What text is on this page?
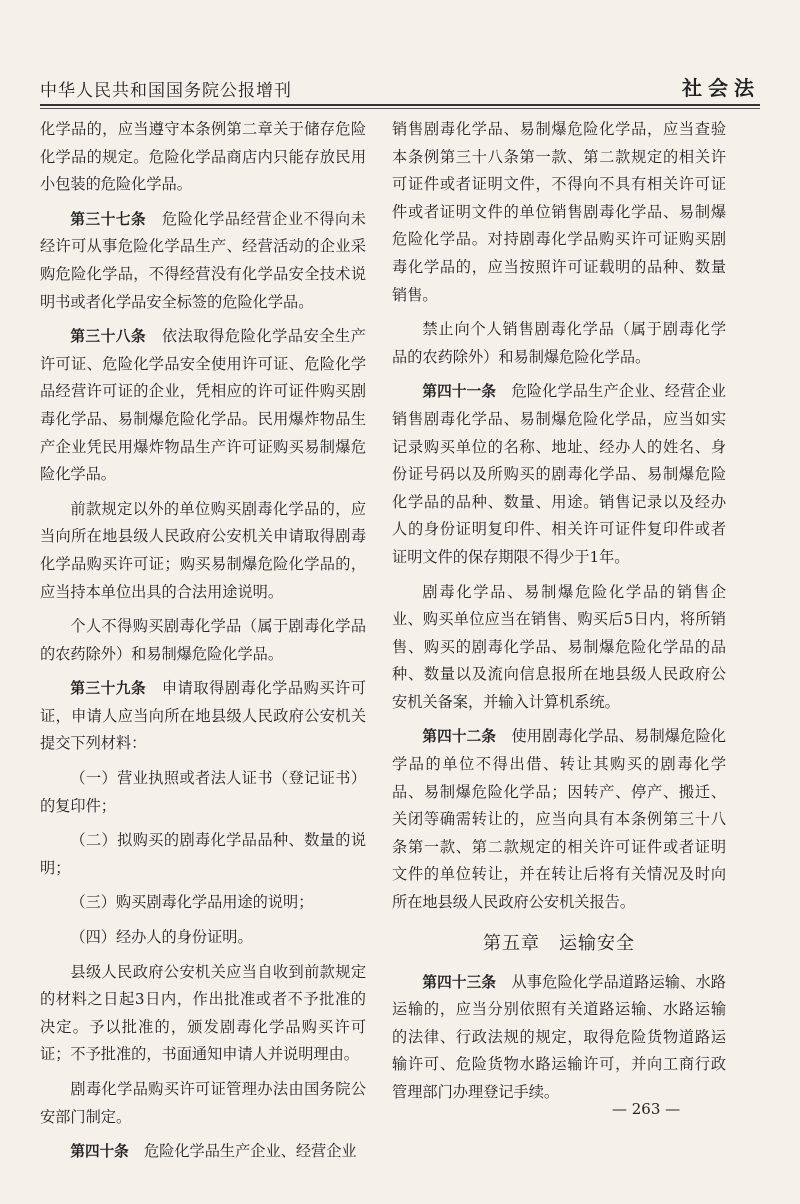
中华人民共和国国务院公报增刊	社会法

化学品的，应当遵守本条例第二章关于储存危险化学品的规定。危险化学品商店内只能存放民用小包装的危险化学品。

第三十七条　危险化学品经营企业不得向未经许可从事危险化学品生产、经营活动的企业采购危险化学品，不得经营没有化学品安全技术说明书或者化学品安全标签的危险化学品。

第三十八条　依法取得危险化学品安全生产许可证、危险化学品安全使用许可证、危险化学品经营许可证的企业，凭相应的许可证件购买剧毒化学品、易制爆危险化学品。民用爆炸物品生产企业凭民用爆炸物品生产许可证购买易制爆危险化学品。

前款规定以外的单位购买剧毒化学品的，应当向所在地县级人民政府公安机关申请取得剧毒化学品购买许可证；购买易制爆危险化学品的，应当持本单位出具的合法用途说明。

个人不得购买剧毒化学品（属于剧毒化学品的农药除外）和易制爆危险化学品。

第三十九条　申请取得剧毒化学品购买许可证，申请人应当向所在地县级人民政府公安机关提交下列材料：

（一）营业执照或者法人证书（登记证书）的复印件；

（二）拟购买的剧毒化学品品种、数量的说明；

（三）购买剧毒化学品用途的说明；

（四）经办人的身份证明。

县级人民政府公安机关应当自收到前款规定的材料之日起3日内，作出批准或者不予批准的决定。予以批准的，颁发剧毒化学品购买许可证；不予批准的，书面通知申请人并说明理由。

剧毒化学品购买许可证管理办法由国务院公安部门制定。

第四十条　危险化学品生产企业、经营企业

销售剧毒化学品、易制爆危险化学品，应当查验本条例第三十八条第一款、第二款规定的相关许可证件或者证明文件，不得向不具有相关许可证件或者证明文件的单位销售剧毒化学品、易制爆危险化学品。对持剧毒化学品购买许可证购买剧毒化学品的，应当按照许可证载明的品种、数量销售。

禁止向个人销售剧毒化学品（属于剧毒化学品的农药除外）和易制爆危险化学品。

第四十一条　危险化学品生产企业、经营企业销售剧毒化学品、易制爆危险化学品，应当如实记录购买单位的名称、地址、经办人的姓名、身份证号码以及所购买的剧毒化学品、易制爆危险化学品的品种、数量、用途。销售记录以及经办人的身份证明复印件、相关许可证件复印件或者证明文件的保存期限不得少于1年。

剧毒化学品、易制爆危险化学品的销售企业、购买单位应当在销售、购买后5日内，将所销售、购买的剧毒化学品、易制爆危险化学品的品种、数量以及流向信息报所在地县级人民政府公安机关备案，并输入计算机系统。

第四十二条　使用剧毒化学品、易制爆危险化学品的单位不得出借、转让其购买的剧毒化学品、易制爆危险化学品；因转产、停产、搬迁、关闭等确需转让的，应当向具有本条例第三十八条第一款、第二款规定的相关许可证件或者证明文件的单位转让，并在转让后将有关情况及时向所在地县级人民政府公安机关报告。

第五章　运输安全

第四十三条　从事危险化学品道路运输、水路运输的，应当分别依照有关道路运输、水路运输的法律、行政法规的规定，取得危险货物道路运输许可、危险货物水路运输许可，并向工商行政管理部门办理登记手续。

— 263 —
